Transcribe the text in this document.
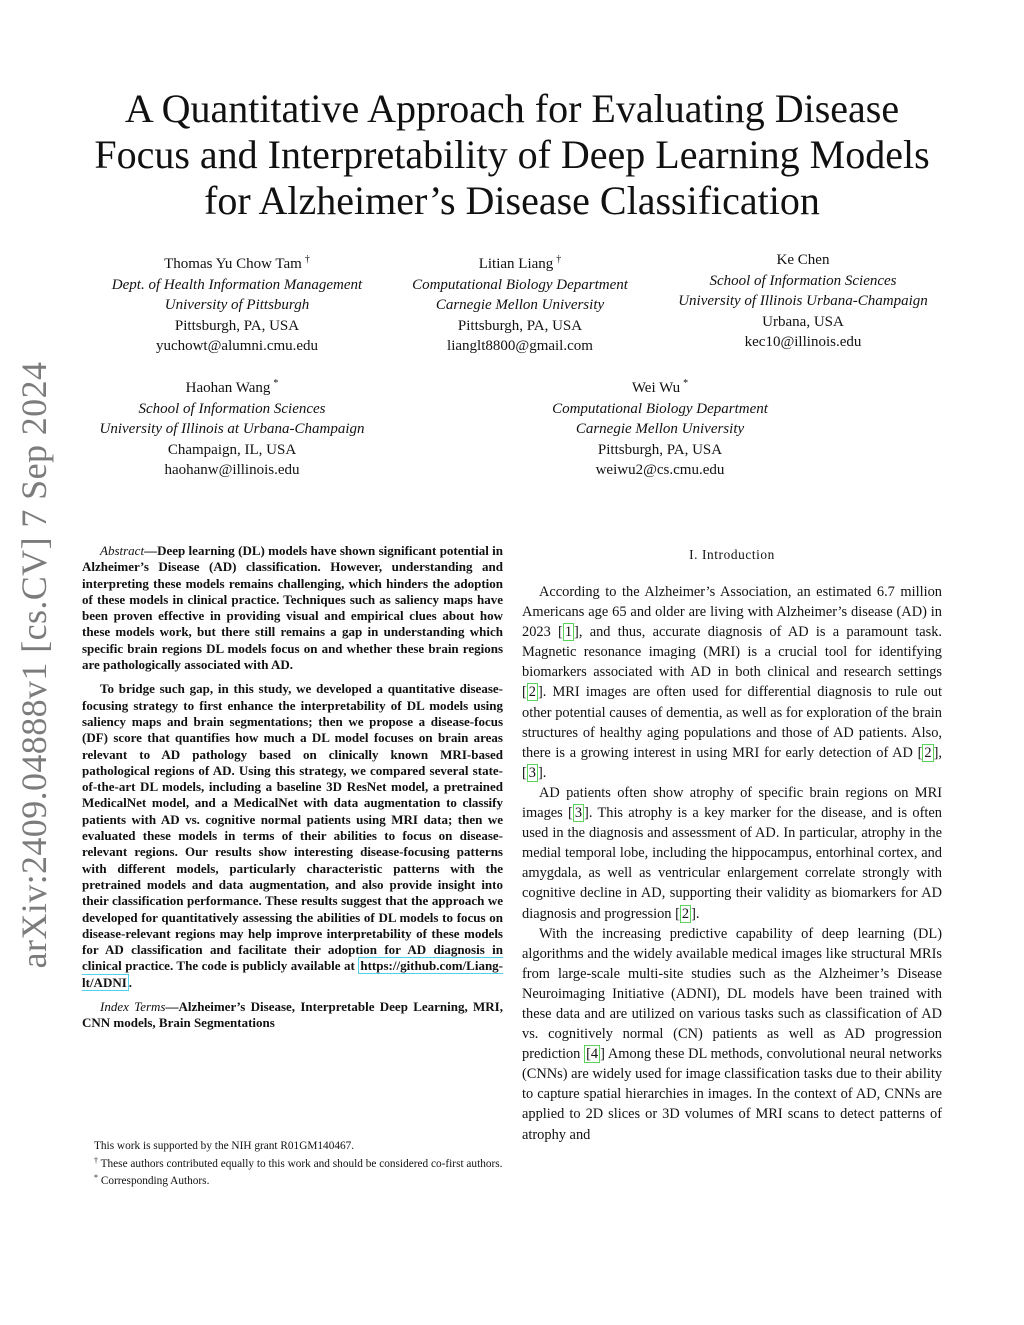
arXiv:2409.04888v1 [cs.CV] 7 Sep 2024
A Quantitative Approach for Evaluating Disease
Focus and Interpretability of Deep Learning Models
for Alzheimer’s Disease Classification
Thomas Yu Chow Tam †
Dept. of Health Information Management
University of Pittsburgh
Pittsburgh, PA, USA
yuchowt@alumni.cmu.edu
Litian Liang †
Computational Biology Department
Carnegie Mellon University
Pittsburgh, PA, USA
lianglt8800@gmail.com
Ke Chen
School of Information Sciences
University of Illinois Urbana-Champaign
Urbana, USA
kec10@illinois.edu
Haohan Wang *
School of Information Sciences
University of Illinois at Urbana-Champaign
Champaign, IL, USA
haohanw@illinois.edu
Wei Wu *
Computational Biology Department
Carnegie Mellon University
Pittsburgh, PA, USA
weiwu2@cs.cmu.edu

Abstract—Deep learning (DL) models have shown significant potential in Alzheimer’s Disease (AD) classification. However, understanding and interpreting these models remains challenging, which hinders the adoption of these models in clinical practice. Techniques such as saliency maps have been proven effective in providing visual and empirical clues about how these models work, but there still remains a gap in understanding which specific brain regions DL models focus on and whether these brain regions are pathologically associated with AD.

To bridge such gap, in this study, we developed a quantitative disease-focusing strategy to first enhance the interpretability of DL models using saliency maps and brain segmentations; then we propose a disease-focus (DF) score that quantifies how much a DL model focuses on brain areas relevant to AD pathology based on clinically known MRI-based pathological regions of AD. Using this strategy, we compared several state-of-the-art DL models, including a baseline 3D ResNet model, a pretrained MedicalNet model, and a MedicalNet with data augmentation to classify patients with AD vs. cognitive normal patients using MRI data; then we evaluated these models in terms of their abilities to focus on disease-relevant regions. Our results show interesting disease-focusing patterns with different models, particularly characteristic patterns with the pretrained models and data augmentation, and also provide insight into their classification performance. These results suggest that the approach we developed for quantitatively assessing the abilities of DL models to focus on disease-relevant regions may help improve interpretability of these models for AD classification and facilitate their adoption for AD diagnosis in clinical practice. The code is publicly available at https://github.com/Liang-lt/ADNI .

Index Terms—Alzheimer’s Disease, Interpretable Deep Learning, MRI, CNN models, Brain Segmentations

This work is supported by the NIH grant R01GM140467.

† These authors contributed equally to this work and should be considered co-first authors.

* Corresponding Authors.

I. Introduction

According to the Alzheimer’s Association, an estimated 6.7 million Americans age 65 and older are living with Alzheimer’s disease (AD) in 2023 [ 1 ], and thus, accurate diagnosis of AD is a paramount task. Magnetic resonance imaging (MRI) is a crucial tool for identifying biomarkers associated with AD in both clinical and research settings [ 2 ]. MRI images are often used for differential diagnosis to rule out other potential causes of dementia, as well as for exploration of the brain structures of healthy aging populations and those of AD patients. Also, there is a growing interest in using MRI for early detection of AD [ 2 ], [ 3 ].

AD patients often show atrophy of specific brain regions on MRI images [ 3 ]. This atrophy is a key marker for the disease, and is often used in the diagnosis and assessment of AD. In particular, atrophy in the medial temporal lobe, including the hippocampus, entorhinal cortex, and amygdala, as well as ventricular enlargement correlate strongly with cognitive decline in AD, supporting their validity as biomarkers for AD diagnosis and progression [ 2 ].

With the increasing predictive capability of deep learning (DL) algorithms and the widely available medical images like structural MRIs from large-scale multi-site studies such as the Alzheimer’s Disease Neuroimaging Initiative (ADNI), DL models have been trained with these data and are utilized on various tasks such as classification of AD vs. cognitively normal (CN) patients as well as AD progression prediction [4 ] Among these DL methods, convolutional neural networks (CNNs) are widely used for image classification tasks due to their ability to capture spatial hierarchies in images. In the context of AD, CNNs are applied to 2D slices or 3D volumes of MRI scans to detect patterns of atrophy and
